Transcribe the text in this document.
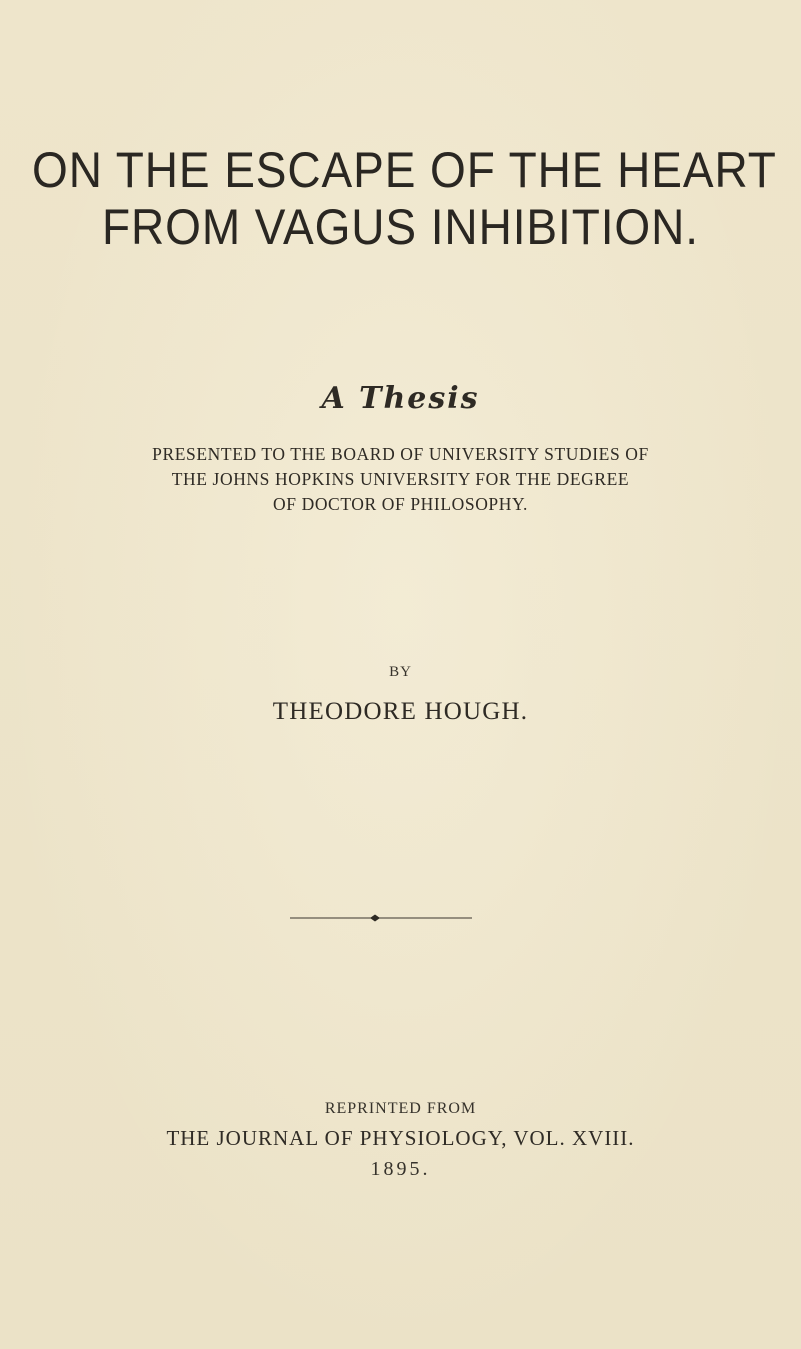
ON THE ESCAPE OF THE HEART
FROM VAGUS INHIBITION.
A Thesis
PRESENTED TO THE BOARD OF UNIVERSITY STUDIES OF
THE JOHNS HOPKINS UNIVERSITY FOR THE DEGREE
OF DOCTOR OF PHILOSOPHY.
BY
THEODORE HOUGH.
REPRINTED FROM
THE JOURNAL OF PHYSIOLOGY, VOL. XVIII.
1895.
